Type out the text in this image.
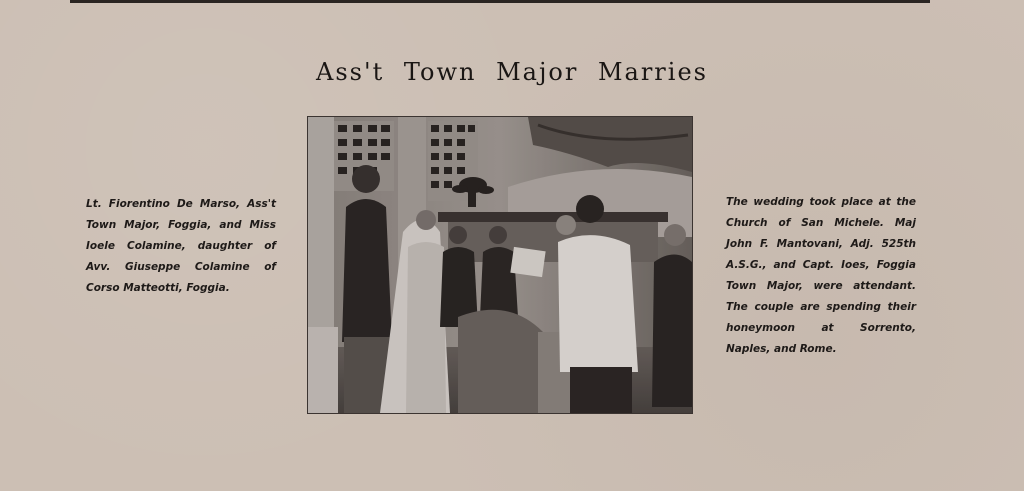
Ass't Town Major Marries

Lt. Fiorentino De Marso, Ass't Town Major, Foggia, and Miss Ioele Colamine, daughter of Avv. Giuseppe Colamine of Corso Matteotti, Foggia.

The wedding took place at the Church of San Michele. Maj John F. Mantovani, Adj. 525th A.S.G., and Capt. Ioes, Foggia Town Major, were attendant. The couple are spending their honeymoon at Sorrento, Naples, and Rome.
